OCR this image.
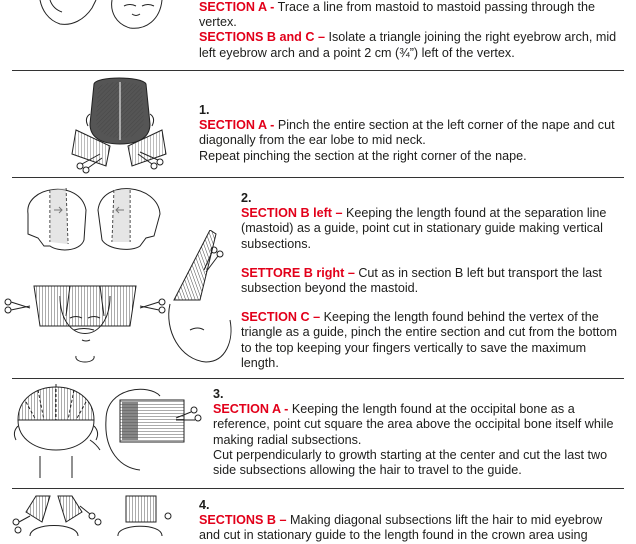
SECTION A - Trace a line from mastoid to mastoid passing through the vertex.

SECTIONS B and C – Isolate a triangle joining the right eyebrow arch, mid left eyebrow arch and a point 2 cm (¾”) left of the vertex.

1.

SECTION A - Pinch the entire section at the left corner of the nape and cut diagonally from the ear lobe to mid neck.

Repeat pinching the section at the right corner of the nape.

2.

SECTION B left – Keeping the length found at the separation line (mastoid) as a guide, point cut in stationary guide making vertical subsections.

SETTORE B right – Cut as in section B left but transport the last subsection beyond the mastoid.

SECTION C – Keeping the length found behind the vertex of the triangle as a guide, pinch the entire section and cut from the bottom to the top keeping your fingers vertically to save the maximum length.

3.

SECTION A - Keeping the length found at the occipital bone as a reference, point cut square the area above the occipital bone itself while making radial subsections.

Cut perpendicularly to growth starting at the center and cut the last two side subsections allowing the hair to travel to the guide.

4.

SECTIONS B – Making diagonal subsections lift the hair to mid eyebrow and cut in stationary guide to the length found in the crown area using
